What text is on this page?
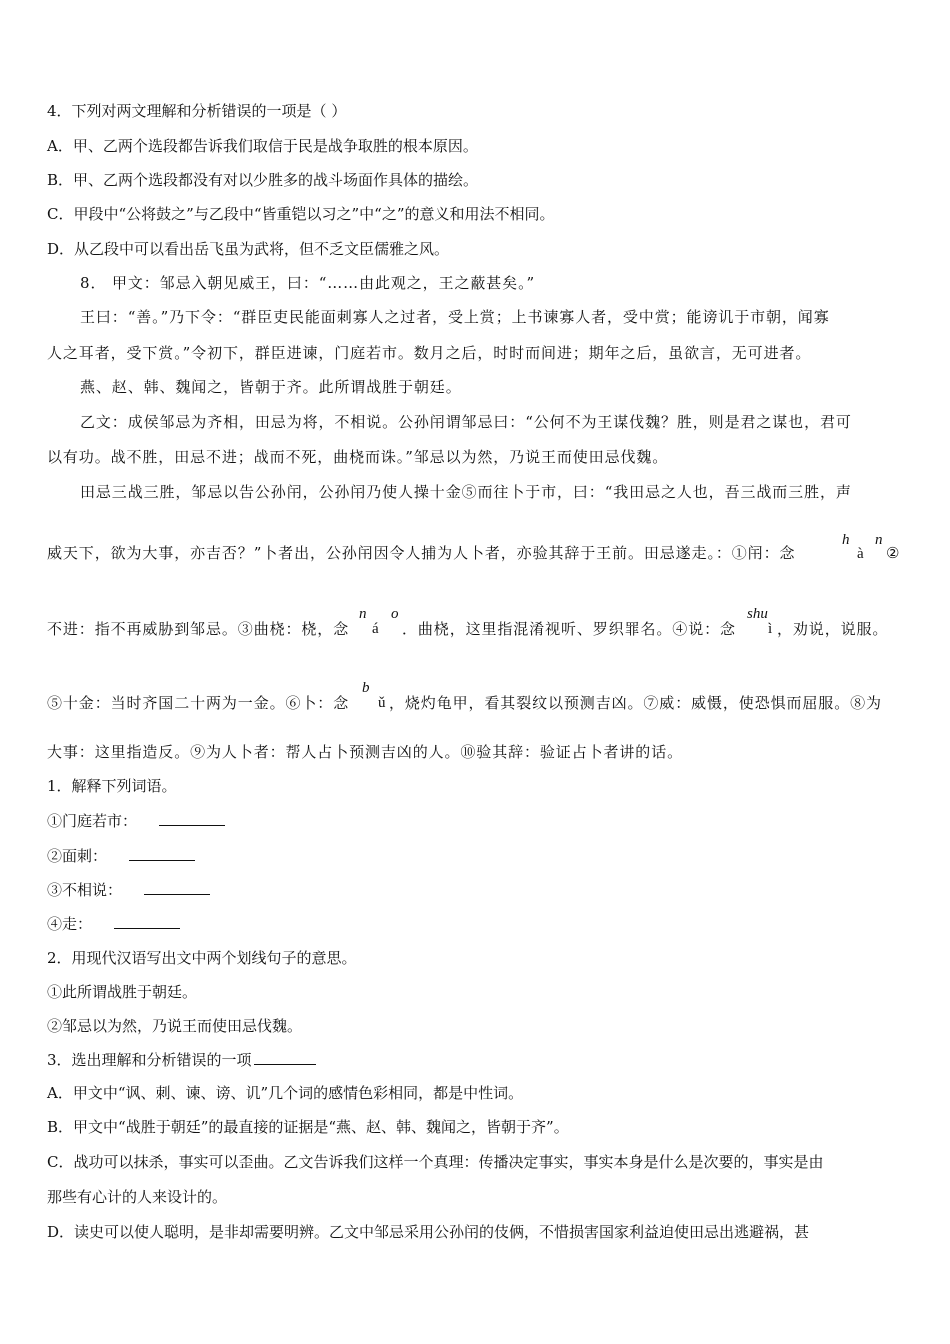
4．下列对两文理解和分析错误的一项是（ ）
A．甲、乙两个选段都告诉我们取信于民是战争取胜的根本原因。
B．甲、乙两个选段都没有对以少胜多的战斗场面作具体的描绘。
C．甲段中“公将鼓之”与乙段中“皆重铠以习之”中“之”的意义和用法不相同。
D．从乙段中可以看出岳飞虽为武将，但不乏文臣儒雅之风。
8． 甲文：邹忌入朝见威王，曰：“……由此观之，王之蔽甚矣。”
王曰：“善。”乃下令：“群臣吏民能面刺寡人之过者，受上赏；上书谏寡人者，受中赏；能谤讥于市朝，闻寡
人之耳者，受下赏。”令初下，群臣进谏，门庭若市。数月之后，时时而间进；期年之后，虽欲言，无可进者。
燕、赵、韩、魏闻之，皆朝于齐。此所谓战胜于朝廷。
乙文：成侯邹忌为齐相，田忌为将，不相说。公孙闬谓邹忌曰：“公何不为王谋伐魏？胜，则是君之谋也，君可
以有功。战不胜，田忌不进；战而不死，曲桡而诛。”邹忌以为然，乃说王而使田忌伐魏。
田忌三战三胜，邹忌以告公孙闬，公孙闬乃使人操十金⑤而往卜于市，曰：“我田忌之人也，吾三战而三胜，声
威天下，欲为大事，亦吉否？”卜者出，公孙闬因令人捕为人卜者，亦验其辞于王前。田忌遂走。：①闬：念
h
à
n
②
不进：指不再威胁到邹忌。③曲桡：桡，念
n
á
o
．曲桡，这里指混淆视听、罗织罪名。④说：念
shu
ì ，劝说，说服。
⑤十金：当时齐国二十两为一金。⑥卜：念
b
ǔ ，烧灼龟甲，看其裂纹以预测吉凶。⑦威：威慑，使恐惧而屈服。⑧为
大事：这里指造反。⑨为人卜者：帮人占卜预测吉凶的人。⑩验其辞：验证占卜者讲的话。
1．解释下列词语。
①门庭若市：
②面刺：
③不相说：
④走：
2．用现代汉语写出文中两个划线句子的意思。
①此所谓战胜于朝廷。
②邹忌以为然，乃说王而使田忌伐魏。
3．选出理解和分析错误的一项
A．甲文中“讽、刺、谏、谤、讥”几个词的感情色彩相同，都是中性词。
B．甲文中“战胜于朝廷”的最直接的证据是“燕、赵、韩、魏闻之，皆朝于齐”。
C．战功可以抹杀，事实可以歪曲。乙文告诉我们这样一个真理：传播决定事实，事实本身是什么是次要的，事实是由
那些有心计的人来设计的。
D．读史可以使人聪明，是非却需要明辨。乙文中邹忌采用公孙闬的伎俩，不惜损害国家利益迫使田忌出逃避祸，甚
